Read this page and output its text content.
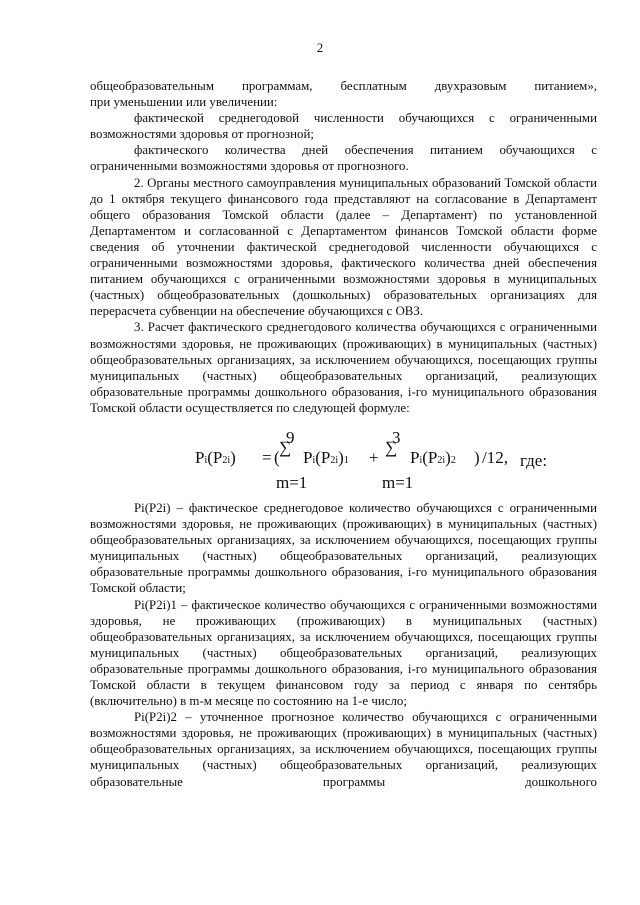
2

общеобразовательным программам, бесплатным двухразовым питанием»,

при уменьшении или увеличении:

фактической среднегодовой численности обучающихся с ограниченными возможностями здоровья от прогнозной;

фактического количества дней обеспечения питанием обучающихся с ограниченными возможностями здоровья от прогнозного.

2. Органы местного самоуправления муниципальных образований Томской области до 1 октября текущего финансового года представляют на согласование в Департамент общего образования Томской области (далее – Департамент) по установленной Департаментом и согласованной с Департаментом финансов Томской области форме сведения об уточнении фактической среднегодовой численности обучающихся с ограниченными возможностями здоровья, фактического количества дней обеспечения питанием обучающихся с ограниченными возможностями здоровья в муниципальных (частных) общеобразовательных (дошкольных) образовательных организациях для перерасчета субвенции на обеспечение обучающихся с ОВЗ.

3. Расчет фактического среднегодового количества обучающихся с ограниченными возможностями здоровья, не проживающих (проживающих) в муниципальных (частных) общеобразовательных организациях, за исключением обучающихся, посещающих группы муниципальных (частных) общеобразовательных организаций, реализующих образовательные программы дошкольного образования, i-го муниципального образования Томской области осуществляется по следующей формуле:

Pi(P2i) = (
9
∑
m=1
Pi(P2i)1 +
3
∑
m=1
Pi(P2i)2 ) /12, где:

Pi(P2i) – фактическое среднегодовое количество обучающихся с ограниченными возможностями здоровья, не проживающих (проживающих) в муниципальных (частных) общеобразовательных организациях, за исключением обучающихся, посещающих группы муниципальных (частных) общеобразовательных организаций, реализующих образовательные программы дошкольного образования, i-го муниципального образования Томской области;

Pi(P2i)1 – фактическое количество обучающихся с ограниченными возможностями здоровья, не проживающих (проживающих) в муниципальных (частных) общеобразовательных организациях, за исключением обучающихся, посещающих группы муниципальных (частных) общеобразовательных организаций, реализующих образовательные программы дошкольного образования, i-го муниципального образования Томской области в текущем финансовом году за период с января по сентябрь (включительно) в m-м месяце по состоянию на 1-е число;

Pi(P2i)2 – уточненное прогнозное количество обучающихся с ограниченными возможностями здоровья, не проживающих (проживающих) в муниципальных (частных) общеобразовательных организациях, за исключением обучающихся, посещающих группы муниципальных (частных) общеобразовательных организаций, реализующих образовательные программы дошкольного
